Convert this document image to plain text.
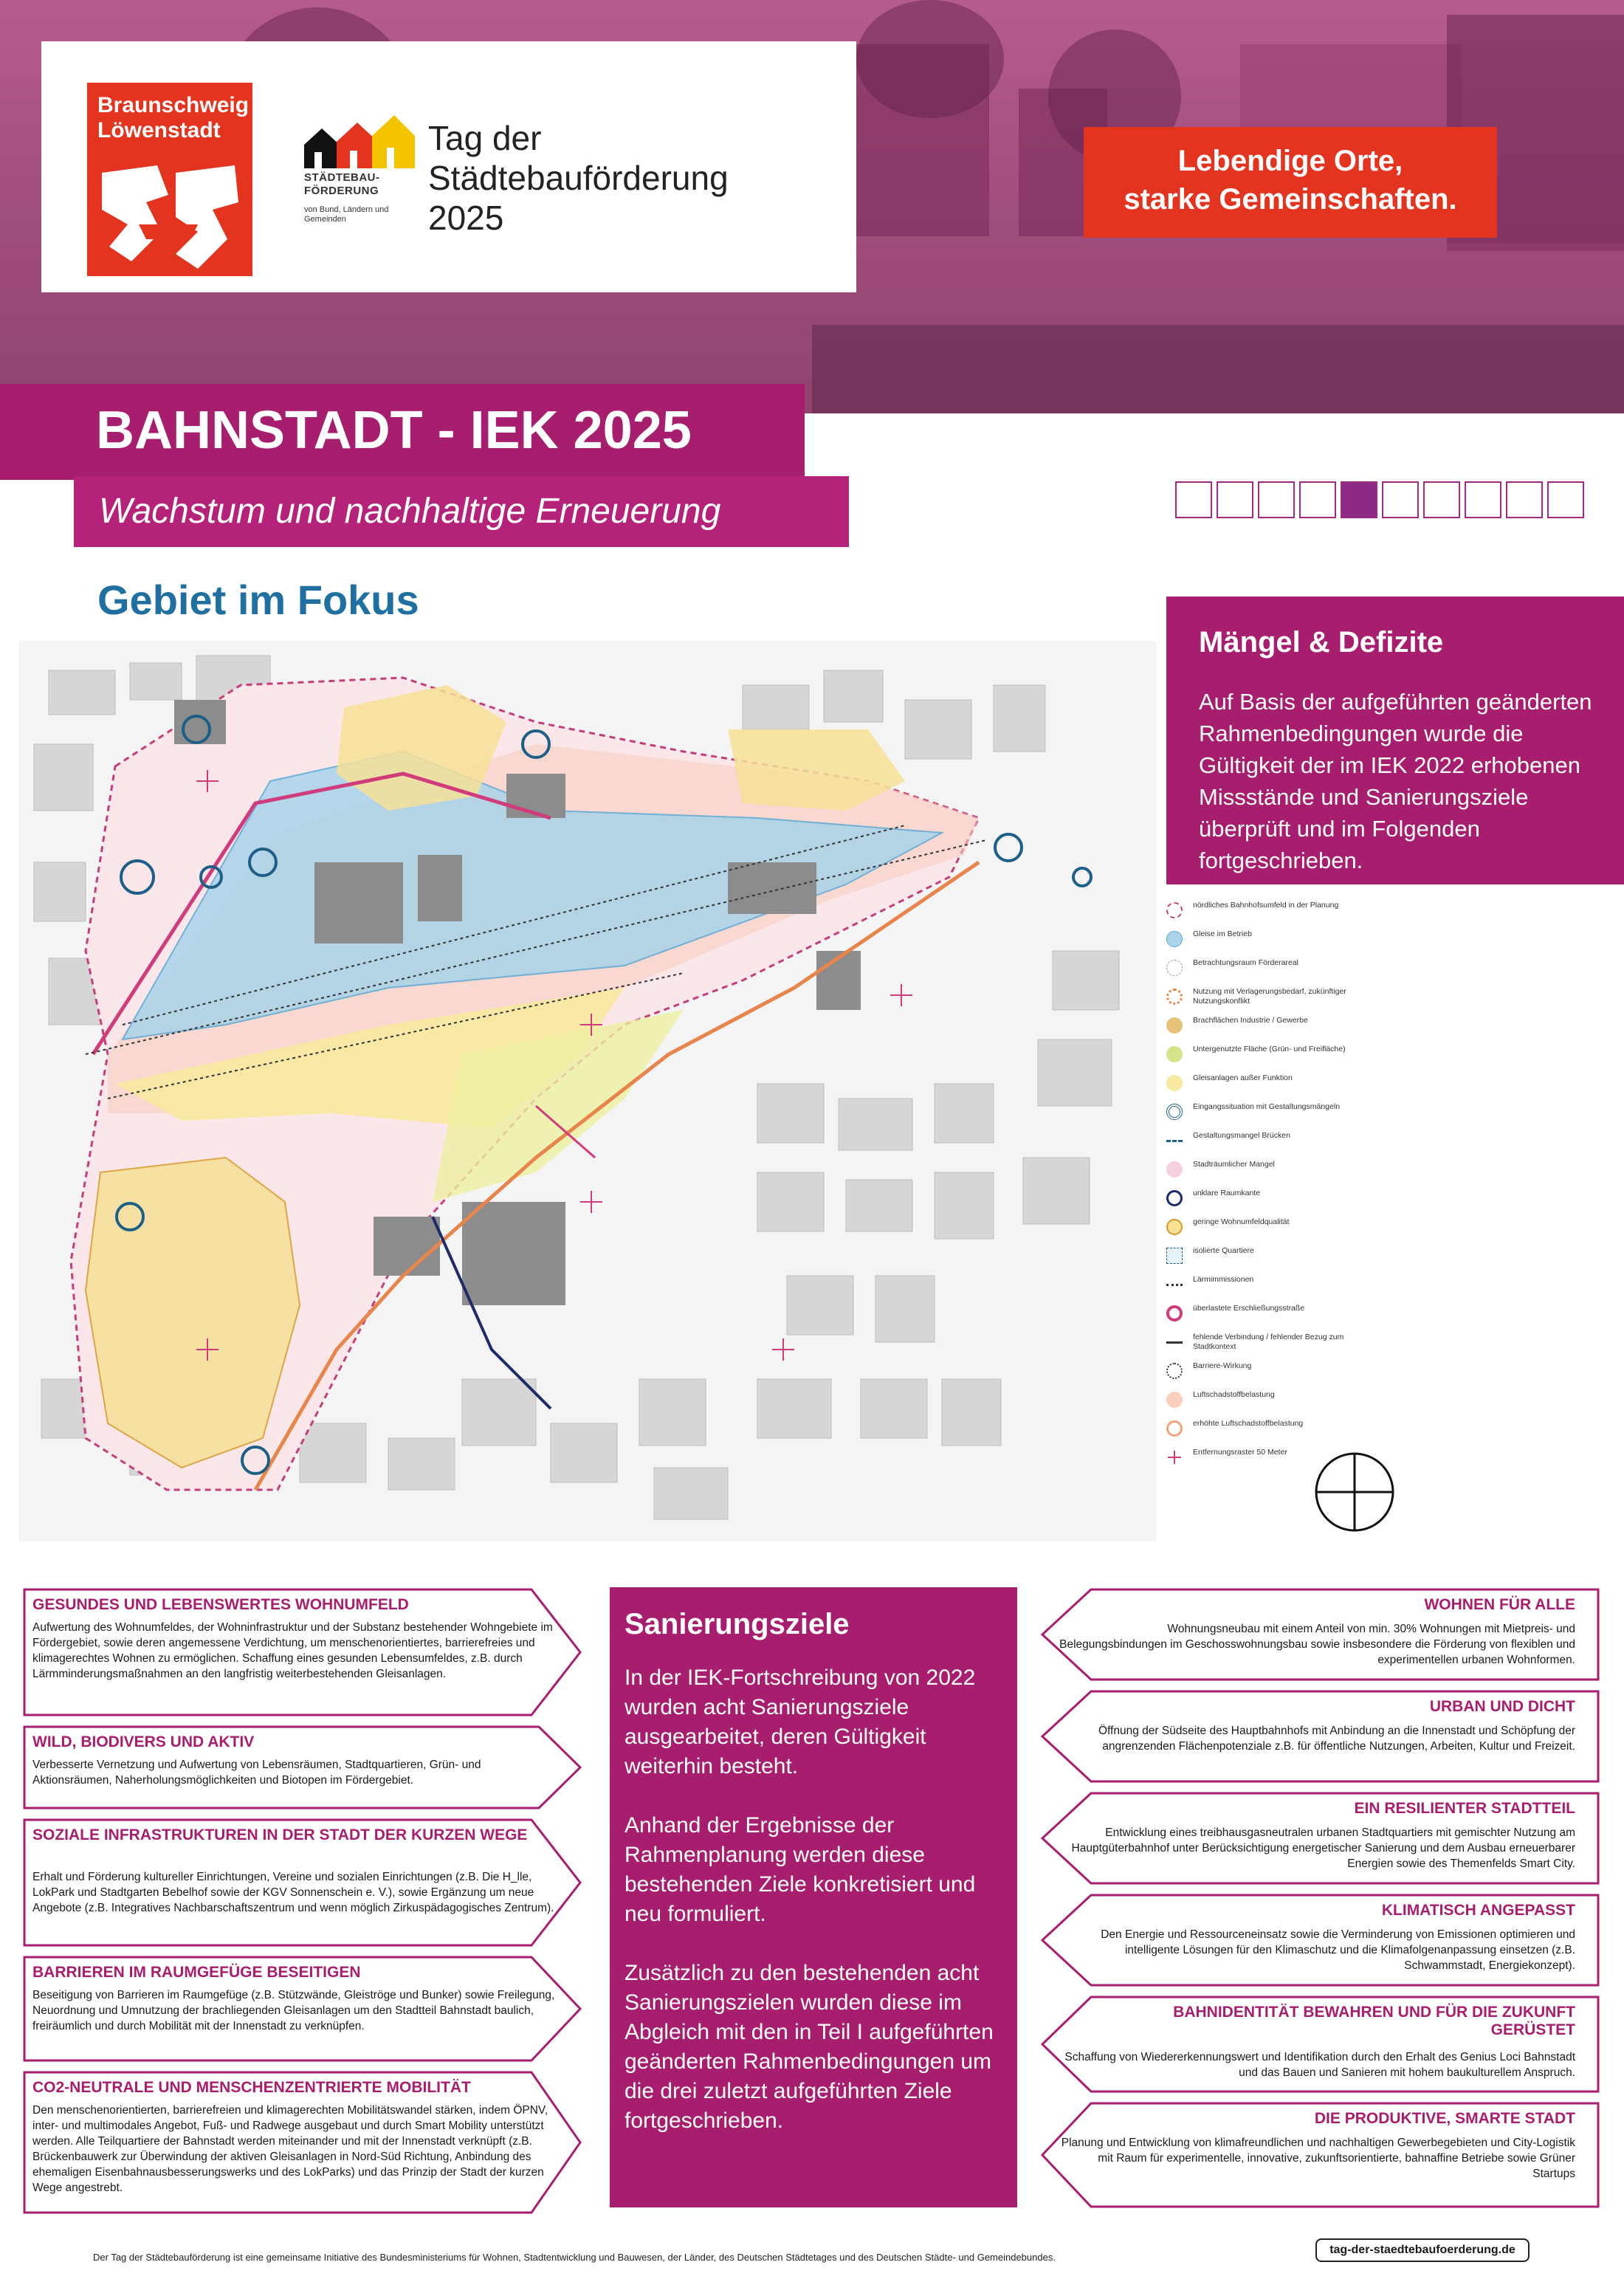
Braunschweig
Löwenstadt
STÄDTEBAU-
FÖRDERUNG
von Bund, Ländern und Gemeinden
Tag der
Städtebauförderung
2025
Lebendige Orte,
starke Gemeinschaften.
BAHNSTADT - IEK 2025
Wachstum und nachhaltige Erneuerung
Gebiet im Fokus
Mängel & Defizite
Auf Basis der aufgeführten geänderten Rahmenbedingungen wurde die Gültigkeit der im IEK 2022 erhobenen Missstände und Sanierungsziele überprüft und im Folgenden fortgeschrieben.
nördliches Bahnhofsumfeld in der Planung
Gleise im Betrieb
Betrachtungsraum Förderareal
Nutzung mit Verlagerungsbedarf, zukünftiger Nutzungskonflikt
Brachflächen Industrie / Gewerbe
Untergenutzte Fläche (Grün- und Freifläche)
Gleisanlagen außer Funktion
Eingangssituation mit Gestaltungsmängeln
Gestaltungsmangel Brücken
Stadträumlicher Mangel
unklare Raumkante
geringe Wohnumfeldqualität
isolierte Quartiere
Lärmimmissionen
überlastete Erschließungsstraße
fehlende Verbindung / fehlender Bezug zum Stadtkontext
Barriere-Wirkung
Luftschadstoffbelastung
erhöhte Luftschadstoffbelastung
Entfernungsraster 50 Meter
GESUNDES UND LEBENSWERTES WOHNUMFELD
Aufwertung des Wohnumfeldes, der Wohninfrastruktur und der Substanz bestehender Wohngebiete im Fördergebiet, sowie deren angemessene Verdichtung, um menschenorientiertes, barrierefreies und klimagerechtes Wohnen zu ermöglichen. Schaffung eines gesunden Lebensumfeldes, z.B. durch Lärmminderungsmaßnahmen an den langfristig weiterbestehenden Gleisanlagen.
WILD, BIODIVERS UND AKTIV
Verbesserte Vernetzung und Aufwertung von Lebensräumen, Stadtquartieren, Grün- und Aktionsräumen, Naherholungsmöglichkeiten und Biotopen im Fördergebiet.
SOZIALE INFRASTRUKTUREN IN DER STADT DER KURZEN WEGE
Erhalt und Förderung kultureller Einrichtungen, Vereine und sozialen Einrichtungen (z.B. Die H_lle, LokPark und Stadtgarten Bebelhof sowie der KGV Sonnenschein e. V.), sowie Ergänzung um neue Angebote (z.B. Integratives Nachbarschaftszentrum und wenn möglich Zirkuspädagogisches Zentrum).
BARRIEREN IM RAUMGEFÜGE BESEITIGEN
Beseitigung von Barrieren im Raumgefüge (z.B. Stützwände, Gleiströge und Bunker) sowie Freilegung, Neuordnung und Umnutzung der brachliegenden Gleisanlagen um den Stadtteil Bahnstadt baulich, freiräumlich und durch Mobilität mit der Innenstadt zu verknüpfen.
CO2-NEUTRALE UND MENSCHENZENTRIERTE MOBILITÄT
Den menschenorientierten, barrierefreien und klimagerechten Mobilitätswandel stärken, indem ÖPNV, inter- und multimodales Angebot, Fuß- und Radwege ausgebaut und durch Smart Mobility unterstützt werden. Alle Teilquartiere der Bahnstadt werden miteinander und mit der Innenstadt verknüpft (z.B. Brückenbauwerk zur Überwindung der aktiven Gleisanlagen in Nord-Süd Richtung, Anbindung des ehemaligen Eisenbahnausbesserungswerks und des LokParks) und das Prinzip der Stadt der kurzen Wege angestrebt.
Sanierungsziele
In der IEK-Fortschreibung von 2022 wurden acht Sanierungsziele ausgearbeitet, deren Gültigkeit weiterhin besteht.

Anhand der Ergebnisse der Rahmenplanung werden diese bestehenden Ziele konkretisiert und neu formuliert.

Zusätzlich zu den bestehenden acht Sanierungszielen wurden diese im Abgleich mit den in Teil I aufgeführten geänderten Rahmenbedingungen um die drei zuletzt aufgeführten Ziele fortgeschrieben.
WOHNEN FÜR ALLE
Wohnungsneubau mit einem Anteil von min. 30% Wohnungen mit Mietpreis- und Belegungsbindungen im Geschosswohnungsbau sowie insbesondere die Förderung von flexiblen und experimentellen urbanen Wohnformen.
URBAN UND DICHT
Öffnung der Südseite des Hauptbahnhofs mit Anbindung an die Innenstadt und Schöpfung der angrenzenden Flächenpotenziale z.B. für öffentliche Nutzungen, Arbeiten, Kultur und Freizeit.
EIN RESILIENTER STADTTEIL
Entwicklung eines treibhausgasneutralen urbanen Stadtquartiers mit gemischter Nutzung am Hauptgüterbahnhof unter Berücksichtigung energetischer Sanierung und dem Ausbau erneuerbarer Energien sowie des Themenfelds Smart City.
KLIMATISCH ANGEPASST
Den Energie und Ressourceneinsatz sowie die Verminderung von Emissionen optimieren und intelligente Lösungen für den Klimaschutz und die Klimafolgenanpassung einsetzen (z.B. Schwammstadt, Energiekonzept).
BAHNIDENTITÄT BEWAHREN UND FÜR DIE ZUKUNFT GERÜSTET
Schaffung von Wiedererkennungswert und Identifikation durch den Erhalt des Genius Loci Bahnstadt und das Bauen und Sanieren mit hohem baukulturellem Anspruch.
DIE PRODUKTIVE, SMARTE STADT
Planung und Entwicklung von klimafreundlichen und nachhaltigen Gewerbegebieten und City-Logistik mit Raum für experimentelle, innovative, zukunftsorientierte, bahnaffine Betriebe sowie Grüner Startups
Der Tag der Städtebauförderung ist eine gemeinsame Initiative des Bundesministeriums für Wohnen, Stadtentwicklung und Bauwesen, der Länder, des Deutschen Städtetages und des Deutschen Städte- und Gemeindebundes.
tag-der-staedtebaufoerderung.de
